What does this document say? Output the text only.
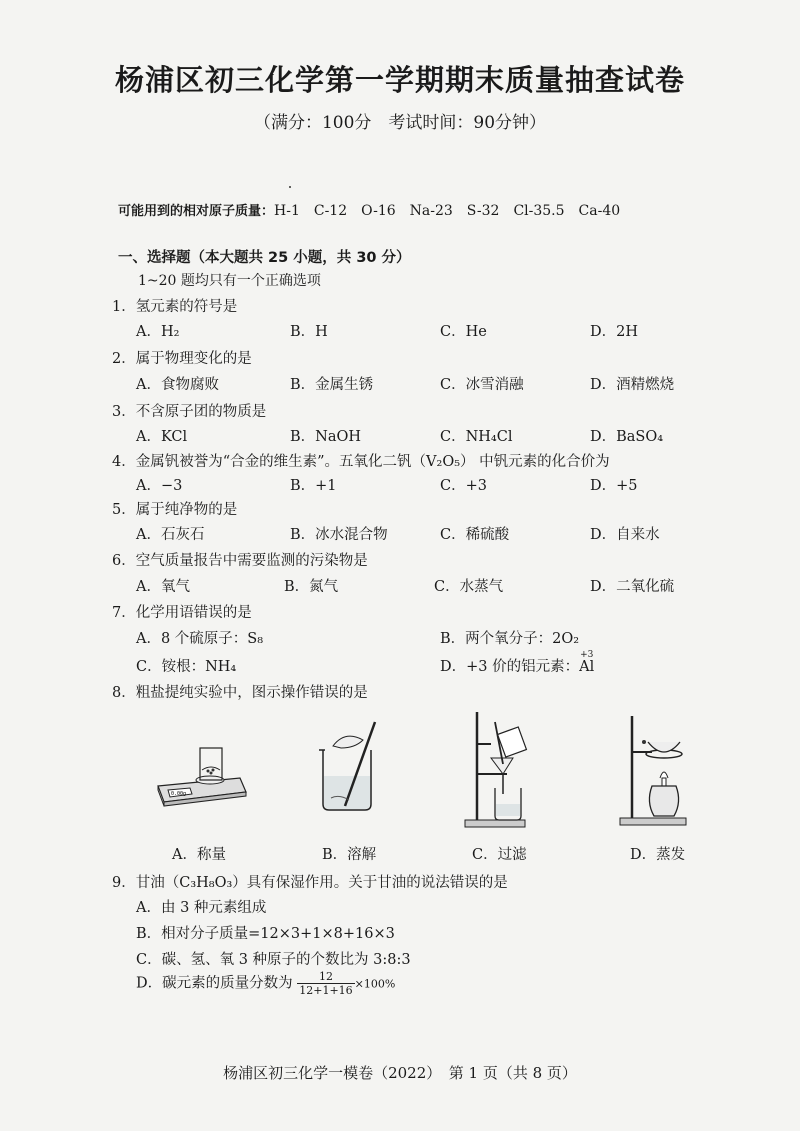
杨浦区初三化学第一学期期末质量抽查试卷
（满分：100分　考试时间：90分钟）
可能用到的相对原子质量：H-1　C-12　O-16　Na-23　S-32　Cl-35.5　Ca-40
一、选择题（本大题共 25 小题，共 30 分）
1~20 题均只有一个正确选项
1．氢元素的符号是
A．H₂	B．H	C．He	D．2H
2．属于物理变化的是
A．食物腐败	B．金属生锈	C．冰雪消融	D．酒精燃烧
3．不含原子团的物质是
A．KCl	B．NaOH	C．NH₄Cl	D．BaSO₄
4．金属钒被誉为“合金的维生素”。五氧化二钒（V₂O₅） 中钒元素的化合价为
A．−3	B．+1	C．+3	D．+5
5．属于纯净物的是
A．石灰石	B．冰水混合物	C．稀硫酸	D．自来水
6．空气质量报告中需要监测的污染物是
A．氧气	B．氮气	C．水蒸气	D．二氧化硫
7．化学用语错误的是
A．8 个硫原子：S₈	B．两个氧分子：2O₂
C．铵根：NH₄	D．+3 价的铝元素：
+3
Al
8．粗盐提纯实验中，图示操作错误的是
0.00g
A．称量	B．溶解	C．过滤	D．蒸发
9．甘油（C₃H₈O₃）具有保湿作用。关于甘油的说法错误的是
A．由 3 种元素组成
B．相对分子质量=12×3+1×8+16×3
C．碳、氢、氧 3 种原子的个数比为 3:8:3
D．碳元素的质量分数为 $\frac{12}{12+1+16} \times 100\%$
杨浦区初三化学一模卷（2022）　第 1 页（共 8 页）
